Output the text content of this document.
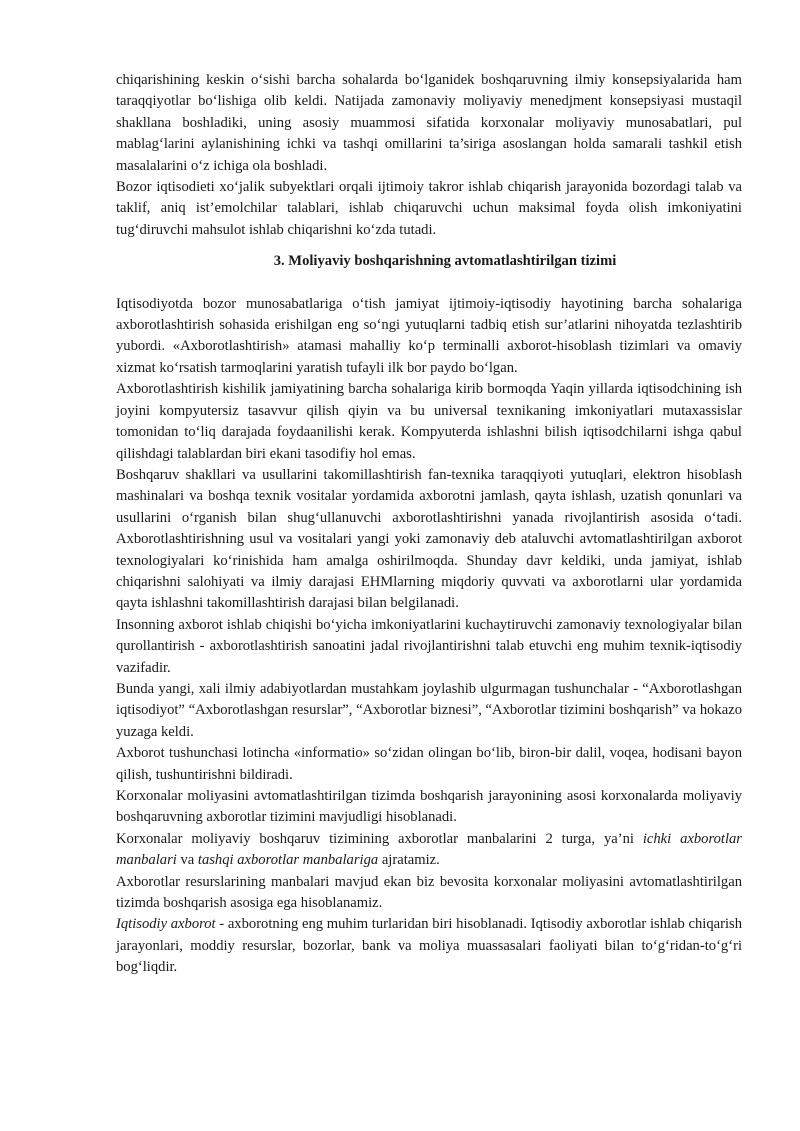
chiqarishining keskin o‘sishi barcha sohalarda bo‘lganidek boshqaruvning ilmiy konsepsiyalarida ham taraqqiyotlar bo‘lishiga olib keldi. Natijada zamonaviy moliyaviy menedjment konsepsiyasi mustaqil shakllana boshladiki, uning asosiy muammosi sifatida korxonalar moliyaviy munosabatlari, pul mablag‘larini aylanishining ichki va tashqi omillarini ta’siriga asoslangan holda samarali tashkil etish masalalarini o‘z ichiga ola boshladi.

Bozor iqtisodieti xo‘jalik subyektlari orqali ijtimoiy takror ishlab chiqarish jarayonida bozordagi talab va taklif, aniq ist’emolchilar talablari, ishlab chiqaruvchi uchun maksimal foyda olish imkoniyatini tug‘diruvchi mahsulot ishlab chiqarishni ko‘zda tutadi.

3. Moliyaviy boshqarishning avtomatlashtirilgan tizimi

Iqtisodiyotda bozor munosabatlariga o‘tish jamiyat ijtimoiy-iqtisodiy hayotining barcha sohalariga axborotlashtirish sohasida erishilgan eng so‘ngi yutuqlarni tadbiq etish sur’atlarini nihoyatda tezlashtirib yubordi. «Axborotlashtirish» atamasi mahalliy ko‘p terminalli axborot-hisoblash tizimlari va omaviy xizmat ko‘rsatish tarmoqlarini yaratish tufayli ilk bor paydo bo‘lgan.

Axborotlashtirish kishilik jamiyatining barcha sohalariga kirib bormoqda Yaqin yillarda iqtisodchining ish joyini kompyutersiz tasavvur qilish qiyin va bu universal texnikaning imkoniyatlari mutaxassislar tomonidan to‘liq darajada foydaanilishi kerak. Kompyuterda ishlashni bilish iqtisodchilarni ishga qabul qilishdagi talablardan biri ekani tasodifiy hol emas.

Boshqaruv shakllari va usullarini takomillashtirish fan-texnika taraqqiyoti yutuqlari, elektron hisoblash mashinalari va boshqa texnik vositalar yordamida axborotni jamlash, qayta ishlash, uzatish qonunlari va usullarini o‘rganish bilan shug‘ullanuvchi axborotlashtirishni yanada rivojlantirish asosida o‘tadi. Axborotlashtirishning usul va vositalari yangi yoki zamonaviy deb ataluvchi avtomatlashtirilgan axborot texnologiyalari ko‘rinishida ham amalga oshirilmoqda. Shunday davr keldiki, unda jamiyat, ishlab chiqarishni salohiyati va ilmiy darajasi EHMlarning miqdoriy quvvati va axborotlarni ular yordamida qayta ishlashni takomillashtirish darajasi bilan belgilanadi.

Insonning axborot ishlab chiqishi bo‘yicha imkoniyatlarini kuchaytiruvchi zamonaviy texnologiyalar bilan qurollantirish - axborotlashtirish sanoatini jadal rivojlantirishni talab etuvchi eng muhim texnik-iqtisodiy vazifadir.

Bunda yangi, xali ilmiy adabiyotlardan mustahkam joylashib ulgurmagan tushunchalar - “Axborotlashgan iqtisodiyot” “Axborotlashgan resurslar”, “Axborotlar biznesi”, “Axborotlar tizimini boshqarish” va hokazo yuzaga keldi.

Axborot tushunchasi lotincha «informatio» so‘zidan olingan bo‘lib, biron-bir dalil, voqea, hodisani bayon qilish, tushuntirishni bildiradi.

Korxonalar moliyasini avtomatlashtirilgan tizimda boshqarish jarayonining asosi korxonalarda moliyaviy boshqaruvning axborotlar tizimini mavjudligi hisoblanadi.

Korxonalar moliyaviy boshqaruv tizimining axborotlar manbalarini 2 turga, ya’ni ichki axborotlar manbalari va tashqi axborotlar manbalariga ajratamiz.

Axborotlar resurslarining manbalari mavjud ekan biz bevosita korxonalar moliyasini avtomatlashtirilgan tizimda boshqarish asosiga ega hisoblanamiz.

Iqtisodiy axborot - axborotning eng muhim turlaridan biri hisoblanadi. Iqtisodiy axborotlar ishlab chiqarish jarayonlari, moddiy resurslar, bozorlar, bank va moliya muassasalari faoliyati bilan to‘g‘ridan-to‘g‘ri bog‘liqdir.
